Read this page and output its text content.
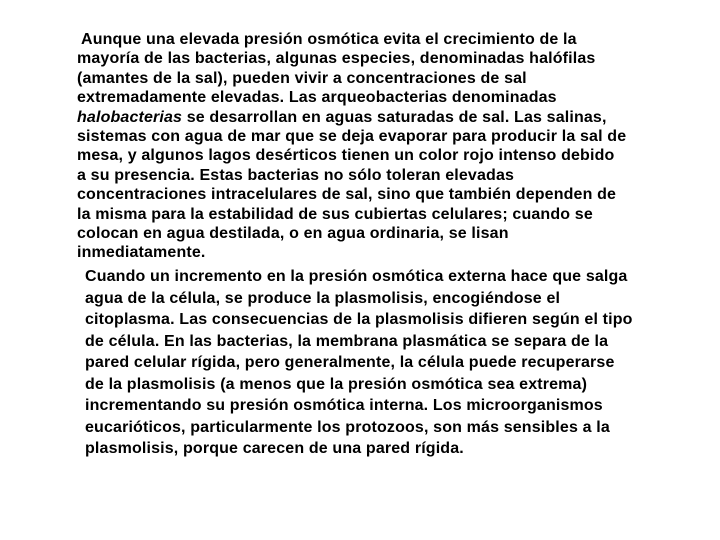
Aunque una elevada presión osmótica evita el crecimiento de la
mayoría de las bacterias, algunas especies, denominadas halófilas
(amantes de la sal), pueden vivir a concentraciones de sal
extremadamente elevadas. Las arqueobacterias denominadas
halobacterias se desarrollan en aguas saturadas de sal. Las salinas,
sistemas con agua de mar que se deja evaporar para producir la sal de
mesa, y algunos lagos desérticos tienen un color rojo intenso debido
a su presencia. Estas bacterias no sólo toleran elevadas
concentraciones intracelulares de sal, sino que también dependen de
la misma para la estabilidad de sus cubiertas celulares; cuando se
colocan en agua destilada, o en agua ordinaria, se lisan
inmediatamente.
Cuando un incremento en la presión osmótica externa hace que salga
agua de la célula, se produce la plasmolisis, encogiéndose el
citoplasma. Las consecuencias de la plasmolisis difieren según el tipo
de célula. En las bacterias, la membrana plasmática se separa de la
pared celular rígida, pero generalmente, la célula puede recuperarse
de la plasmolisis (a menos que la presión osmótica sea extrema)
incrementando su presión osmótica interna. Los microorganismos
eucarióticos, particularmente los protozoos, son más sensibles a la
plasmolisis, porque carecen de una pared rígida.
